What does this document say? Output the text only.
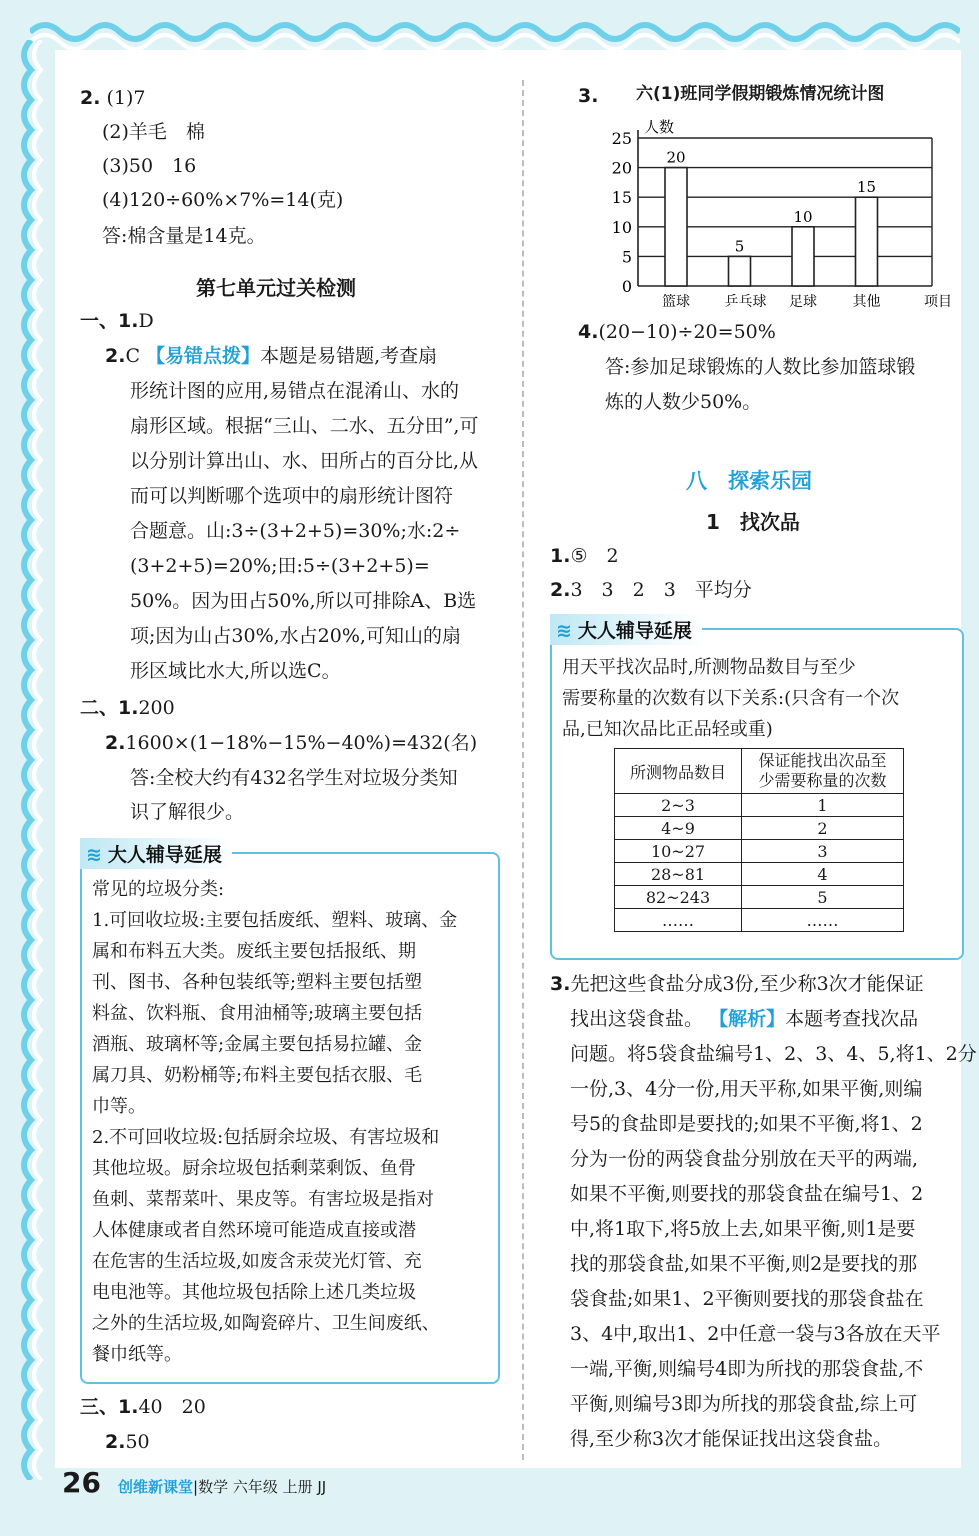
2. (1)7
(2)羊毛　棉
(3)50　16
(4)120÷60%×7%=14(克)
答:棉含量是14克。
第七单元过关检测
一、1.D
2.C 【易错点拨】本题是易错题,考查扇
形统计图的应用,易错点在混淆山、水的
扇形区域。根据“三山、二水、五分田”,可
以分别计算出山、水、田所占的百分比,从
而可以判断哪个选项中的扇形统计图符
合题意。山:3÷(3+2+5)=30%;水:2÷
(3+2+5)=20%;田:5÷(3+2+5)=
50%。因为田占50%,所以可排除A、B选
项;因为山占30%,水占20%,可知山的扇
形区域比水大,所以选C。
二、1.200
2.1600×(1−18%−15%−40%)=432(名)
答:全校大约有432名学生对垃圾分类知
识了解很少。
≋ 大人辅导延展
常见的垃圾分类:
1.可回收垃圾:主要包括废纸、塑料、玻璃、金
属和布料五大类。废纸主要包括报纸、期
刊、图书、各种包装纸等;塑料主要包括塑
料盆、饮料瓶、食用油桶等;玻璃主要包括
酒瓶、玻璃杯等;金属主要包括易拉罐、金
属刀具、奶粉桶等;布料主要包括衣服、毛
巾等。
2.不可回收垃圾:包括厨余垃圾、有害垃圾和
其他垃圾。厨余垃圾包括剩菜剩饭、鱼骨
鱼刺、菜帮菜叶、果皮等。有害垃圾是指对
人体健康或者自然环境可能造成直接或潜
在危害的生活垃圾,如废含汞荧光灯管、充
电电池等。其他垃圾包括除上述几类垃圾
之外的生活垃圾,如陶瓷碎片、卫生间废纸、
餐巾纸等。
三、1.40　20
2.50
3. 六(1)班同学假期锻炼情况统计图
0
5
10
15
20
25
人数
项目
20
篮球
5
乒乓球
10
足球
15
其他
4.(20−10)÷20=50%
答:参加足球锻炼的人数比参加篮球锻
炼的人数少50%。
八　探索乐园
1　找次品
1.⑤　2
2.3　3　2　3　平均分
≋ 大人辅导延展
用天平找次品时,所测物品数目与至少
需要称量的次数有以下关系:(只含有一个次
品,已知次品比正品轻或重)
所测物品数目	保证能找出次品至
少需要称量的次数
2~3	1
4~9	2
10~27	3
28~81	4
82~243	5
……	……
3.先把这些食盐分成3份,至少称3次才能保证
找出这袋食盐。 【解析】本题考查找次品
问题。将5袋食盐编号1、2、3、4、5,将1、2分
一份,3、4分一份,用天平称,如果平衡,则编
号5的食盐即是要找的;如果不平衡,将1、2
分为一份的两袋食盐分别放在天平的两端,
如果不平衡,则要找的那袋食盐在编号1、2
中,将1取下,将5放上去,如果平衡,则1是要
找的那袋食盐,如果不平衡,则2是要找的那
袋食盐;如果1、2平衡则要找的那袋食盐在
3、4中,取出1、2中任意一袋与3各放在天平
一端,平衡,则编号4即为所找的那袋食盐,不
平衡,则编号3即为所找的那袋食盐,综上可
得,至少称3次才能保证找出这袋食盐。
26 创维新课堂|数学 六年级 上册 JJ
